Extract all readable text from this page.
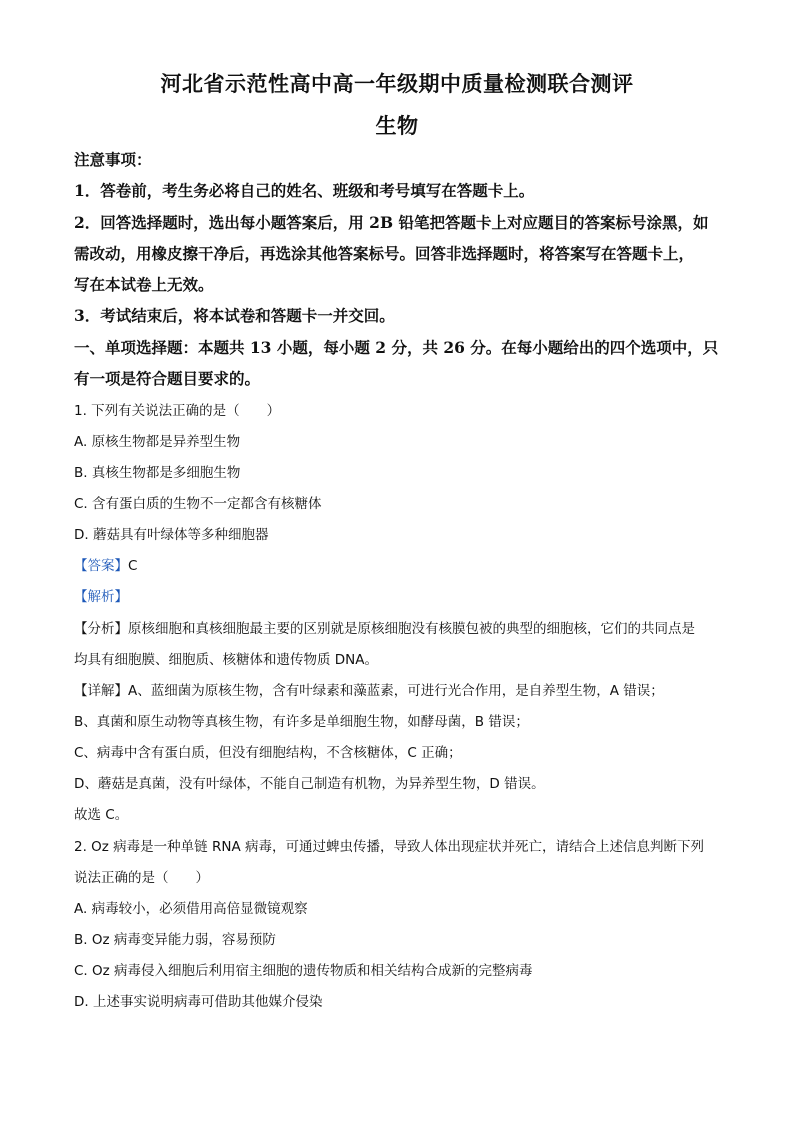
河北省示范性高中高一年级期中质量检测联合测评
生物
注意事项：
1．答卷前，考生务必将自己的姓名、班级和考号填写在答题卡上。
2．回答选择题时，选出每小题答案后，用 2B 铅笔把答题卡上对应题目的答案标号涂黑，如
需改动，用橡皮擦干净后，再选涂其他答案标号。回答非选择题时，将答案写在答题卡上，
写在本试卷上无效。
3．考试结束后，将本试卷和答题卡一并交回。
一、单项选择题：本题共 13 小题，每小题 2 分，共 26 分。在每小题给出的四个选项中，只
有一项是符合题目要求的。
1. 下列有关说法正确的是（　　）
A. 原核生物都是异养型生物
B. 真核生物都是多细胞生物
C. 含有蛋白质的生物不一定都含有核糖体
D. 蘑菇具有叶绿体等多种细胞器
【答案】C
【解析】
【分析】原核细胞和真核细胞最主要的区别就是原核细胞没有核膜包被的典型的细胞核，它们的共同点是
均具有细胞膜、细胞质、核糖体和遗传物质 DNA。
【详解】A、蓝细菌为原核生物，含有叶绿素和藻蓝素，可进行光合作用，是自养型生物，A 错误；
B、真菌和原生动物等真核生物，有许多是单细胞生物，如酵母菌，B 错误；
C、病毒中含有蛋白质，但没有细胞结构，不含核糖体，C 正确；
D、蘑菇是真菌，没有叶绿体，不能自己制造有机物，为异养型生物，D 错误。
故选 C。
2. Oz 病毒是一种单链 RNA 病毒，可通过蜱虫传播，导致人体出现症状并死亡，请结合上述信息判断下列
说法正确的是（　　）
A. 病毒较小，必须借用高倍显微镜观察
B. Oz 病毒变异能力弱，容易预防
C. Oz 病毒侵入细胞后利用宿主细胞的遗传物质和相关结构合成新的完整病毒
D. 上述事实说明病毒可借助其他媒介侵染
